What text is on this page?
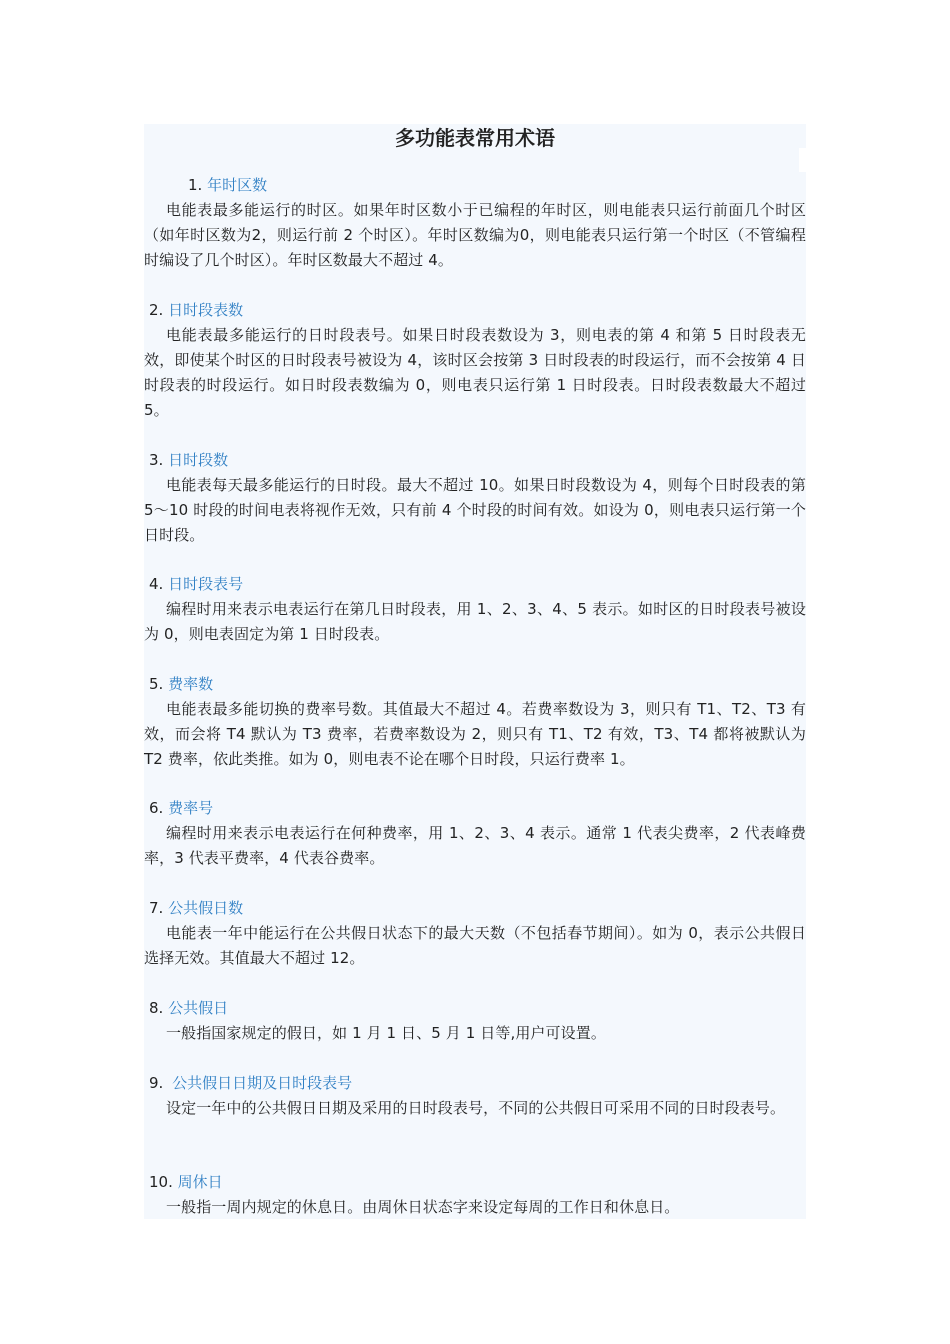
多功能表常用术语
1. 年时区数

电能表最多能运行的时区。如果年时区数小于已编程的年时区，则电能表只运行前面几个时区（如年时区数为2，则运行前 2 个时区）。年时区数编为0，则电能表只运行第一个时区（不管编程时编设了几个时区）。年时区数最大不超过 4。

2. 日时段表数

电能表最多能运行的日时段表号。如果日时段表数设为 3，则电表的第 4 和第 5 日时段表无效，即使某个时区的日时段表号被设为 4，该时区会按第 3 日时段表的时段运行，而不会按第 4 日时段表的时段运行。如日时段表数编为 0，则电表只运行第 1 日时段表。日时段表数最大不超过 5。

3. 日时段数

电能表每天最多能运行的日时段。最大不超过 10。如果日时段数设为 4，则每个日时段表的第 5～10 时段的时间电表将视作无效，只有前 4 个时段的时间有效。如设为 0，则电表只运行第一个日时段。

4. 日时段表号

编程时用来表示电表运行在第几日时段表，用 1、2、3、4、5 表示。如时区的日时段表号被设为 0，则电表固定为第 1 日时段表。

5. 费率数

电能表最多能切换的费率号数。其值最大不超过 4。若费率数设为 3，则只有 T1、T2、T3 有效，而会将 T4 默认为 T3 费率，若费率数设为 2，则只有 T1、T2 有效，T3、T4 都将被默认为 T2 费率，依此类推。如为 0，则电表不论在哪个日时段，只运行费率 1。

6. 费率号

编程时用来表示电表运行在何种费率，用 1、2、3、4 表示。通常 1 代表尖费率，2 代表峰费率，3 代表平费率，4 代表谷费率。

7. 公共假日数

电能表一年中能运行在公共假日状态下的最大天数（不包括春节期间）。如为 0，表示公共假日选择无效。其值最大不超过 12。

8. 公共假日

一般指国家规定的假日，如 1 月 1 日、5 月 1 日等,用户可设置。

9. 公共假日日期及日时段表号

设定一年中的公共假日日期及采用的日时段表号，不同的公共假日可采用不同的日时段表号。

10. 周休日

一般指一周内规定的休息日。由周休日状态字来设定每周的工作日和休息日。
